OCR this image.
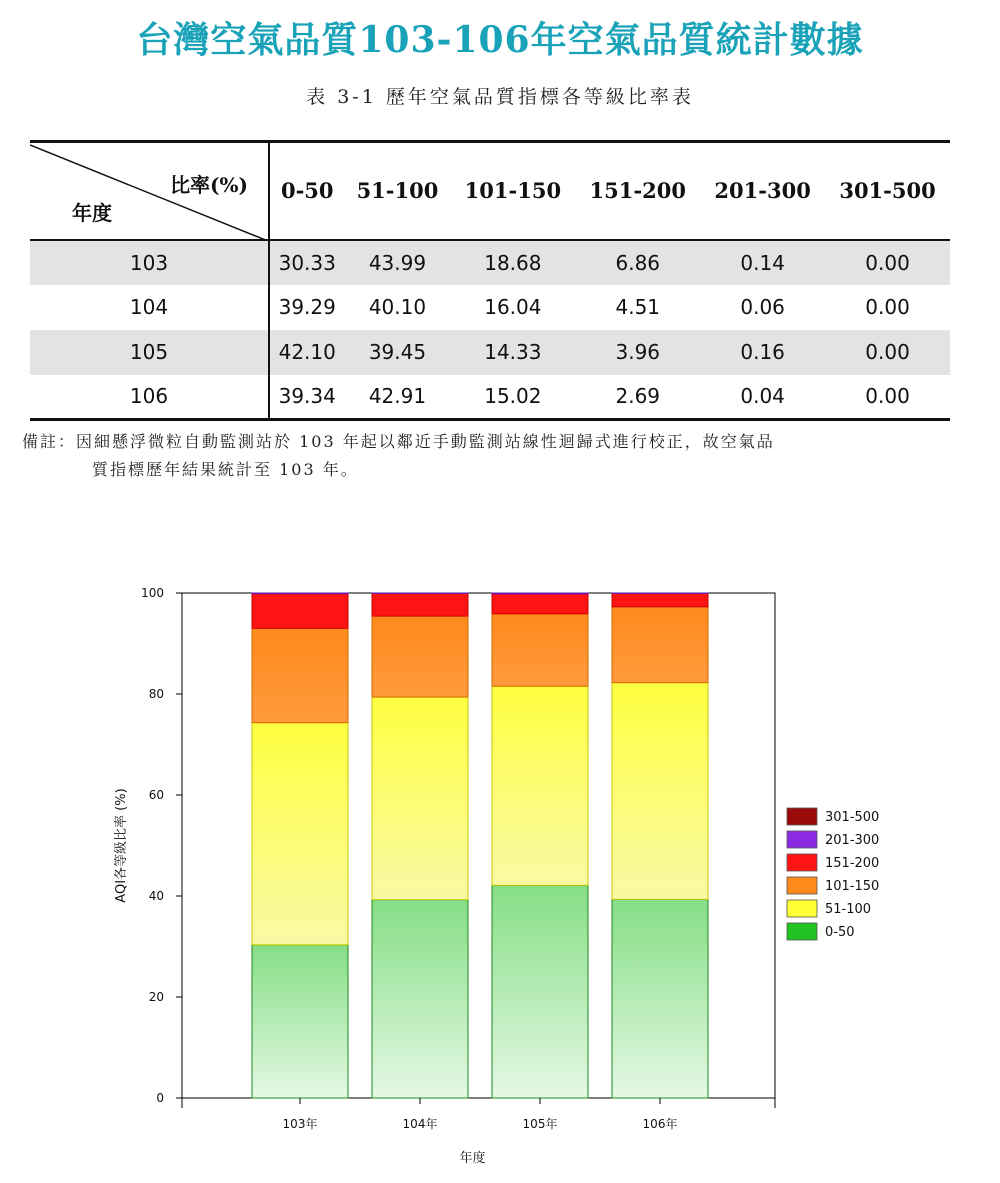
台灣空氣品質103-106年空氣品質統計數據
表 3-1 歷年空氣品質指標各等級比率表
比率(%)
年度	0-50	51-100	101-150	151-200	201-300	301-500
103	30.33	43.99	18.68	6.86	0.14	0.00
104	39.29	40.10	16.04	4.51	0.06	0.00
105	42.10	39.45	14.33	3.96	0.16	0.00
106	39.34	42.91	15.02	2.69	0.04	0.00
備註：因細懸浮微粒自動監測站於 103 年起以鄰近手動監測站線性迴歸式進行校正，故空氣品
質指標歷年結果統計至 103 年。
0
20
40
60
80
100
103年	104年	105年	106年
年度
AQI各等級比率 (%)	301-500
201-300
151-200
101-150
51-100
0-50
